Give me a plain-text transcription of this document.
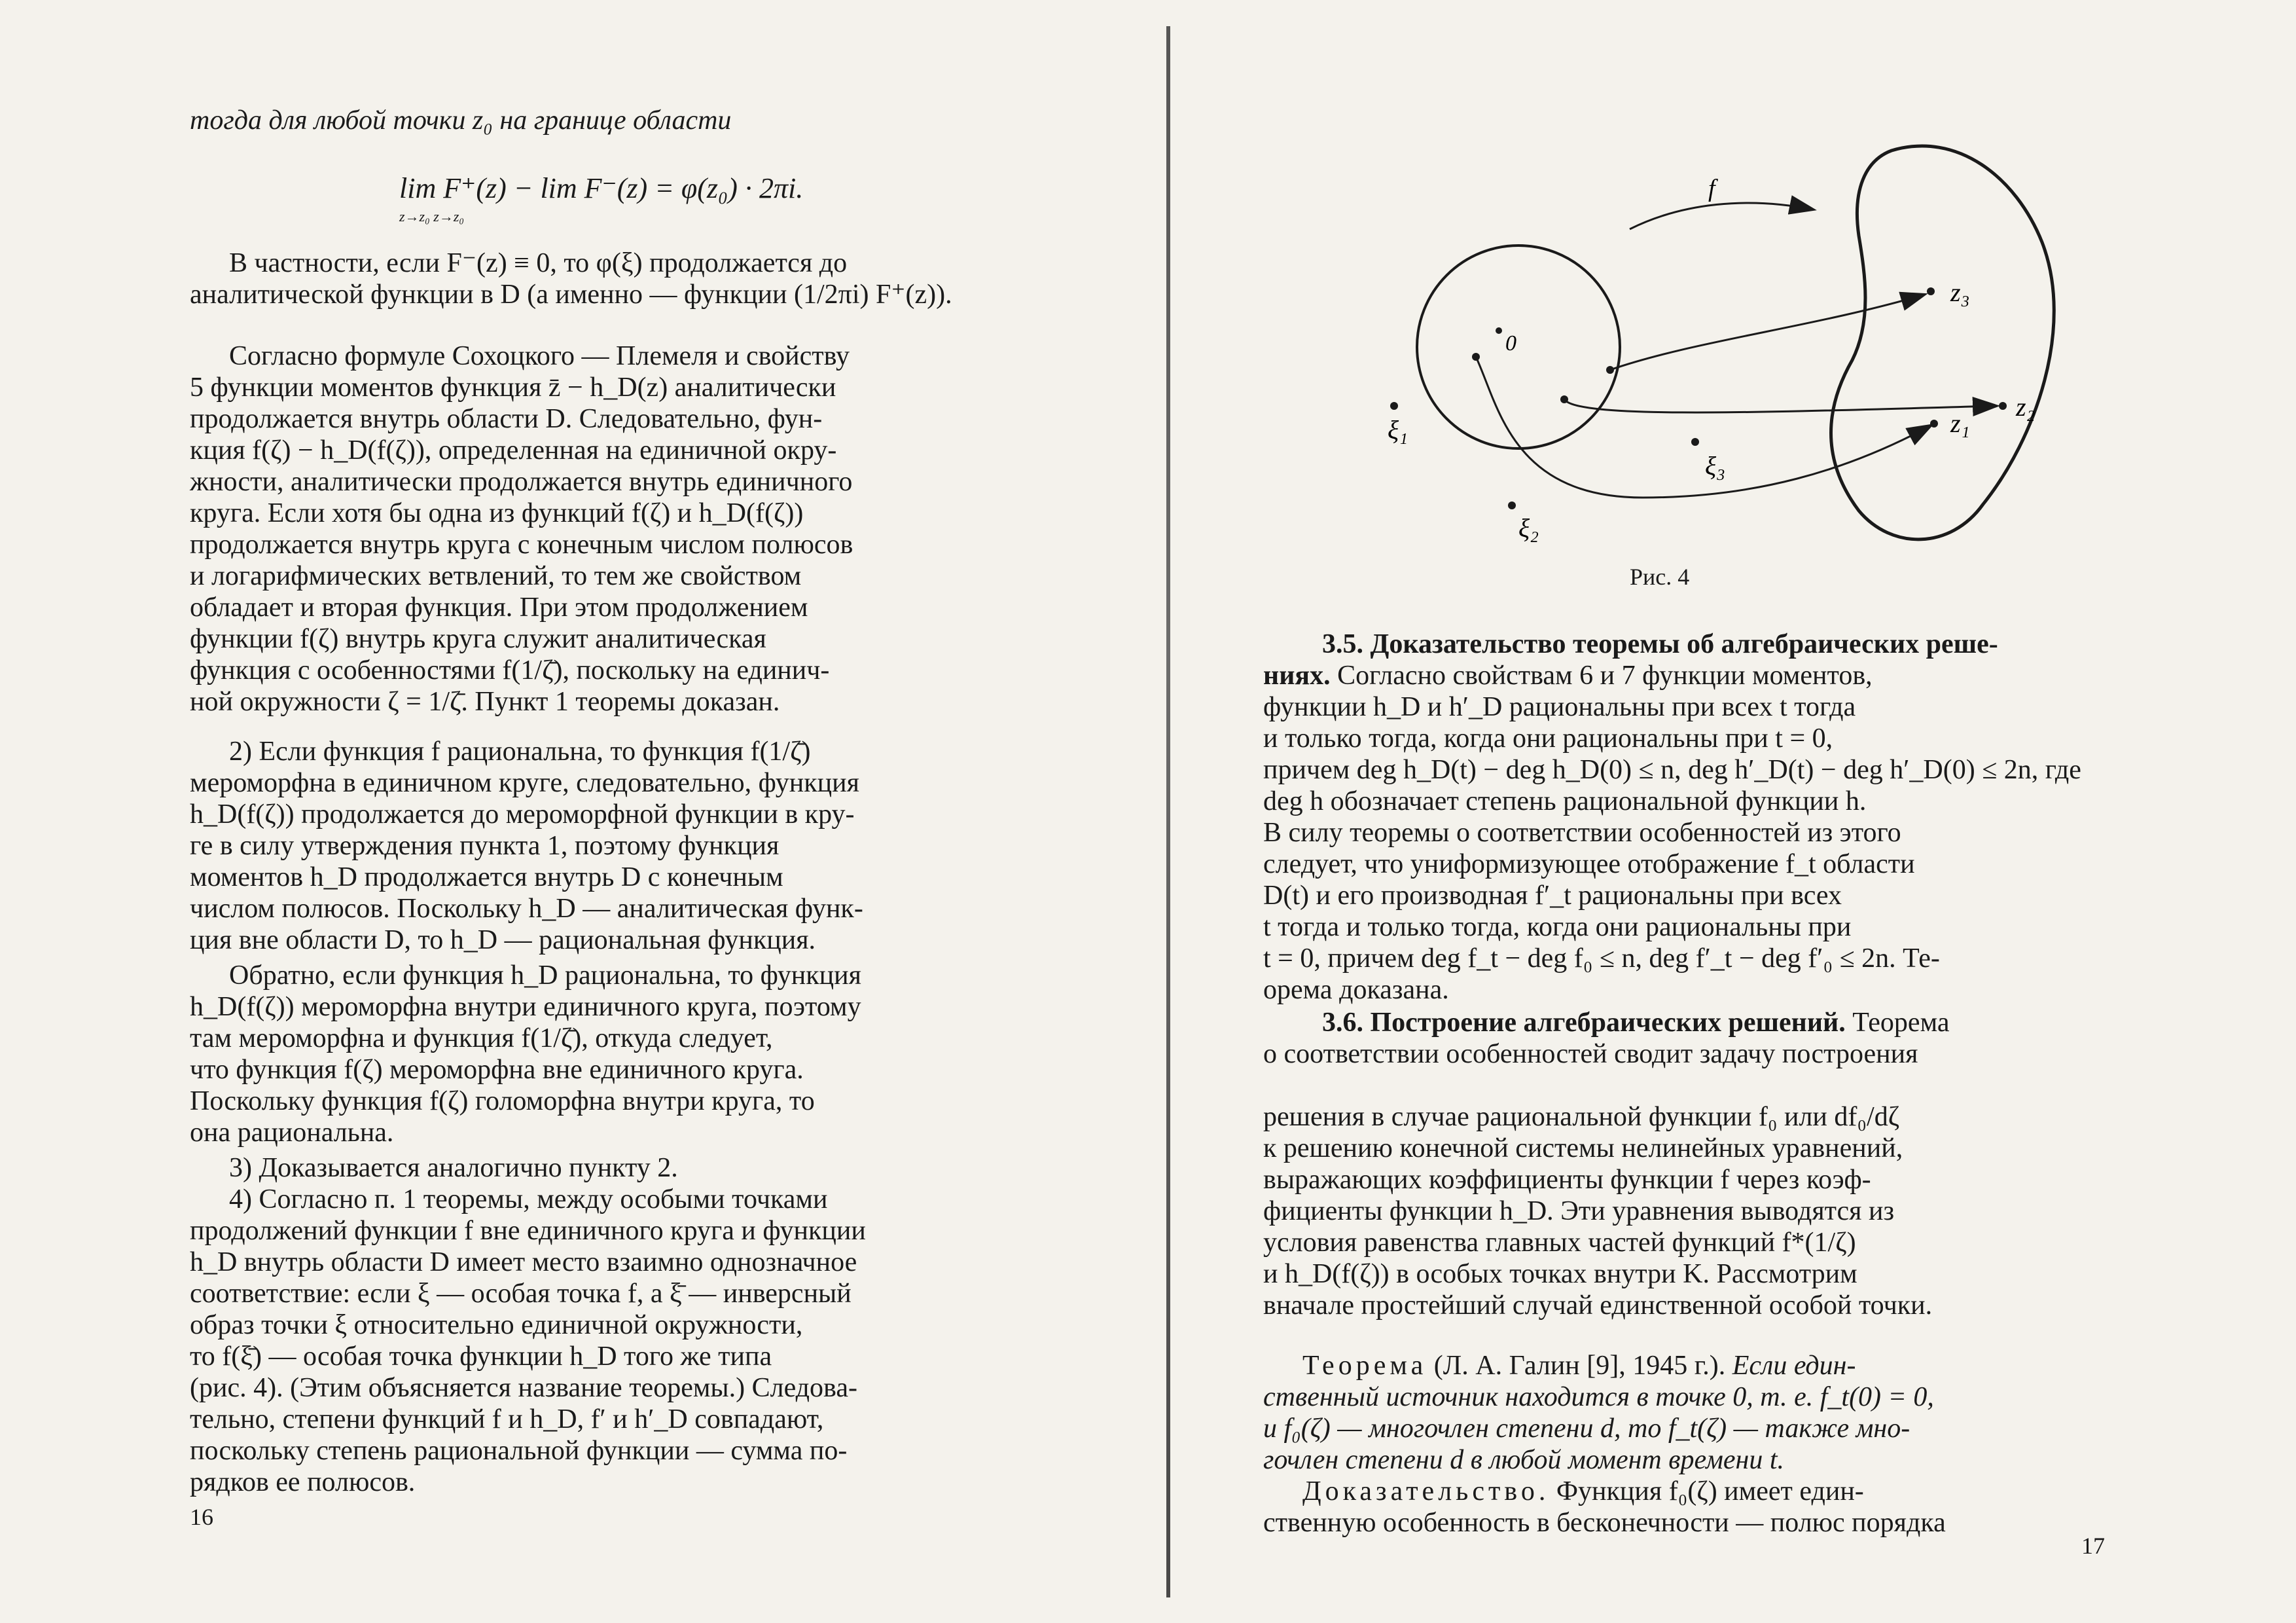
тогда для любой точки z₀ на границе области

lim F⁺(z) − lim F⁻(z) = φ(z₀) · 2πi.
z→z₀ z→z₀

В частности, если F⁻(z) ≡ 0, то φ(ξ) продолжается до
аналитической функции в D (а именно — функции (1/2πi) F⁺(z)).

Согласно формуле Сохоцкого — Племеля и свойству
5 функции моментов функция z̄ − h_D(z) аналитически
продолжается внутрь области D. Следовательно, фун-
кция f(ζ) − h_D(f(ζ)), определенная на единичной окру-
жности, аналитически продолжается внутрь единичного
круга. Если хотя бы одна из функций f(ζ) и h_D(f(ζ))
продолжается внутрь круга с конечным числом полюсов
и логарифмических ветвлений, то тем же свойством
обладает и вторая функция. При этом продолжением
функции f(ζ) внутрь круга служит аналитическая
функция с особенностями f(1/ζ̄), поскольку на единич-
ной окружности ζ = 1/ζ̄. Пункт 1 теоремы доказан.

2) Если функция f рациональна, то функция f(1/ζ̄)
мероморфна в единичном круге, следовательно, функция
h_D(f(ζ)) продолжается до мероморфной функции в кру-
ге в силу утверждения пункта 1, поэтому функция
моментов h_D продолжается внутрь D с конечным
числом полюсов. Поскольку h_D — аналитическая функ-
ция вне области D, то h_D — рациональная функция.

Обратно, если функция h_D рациональна, то функция
h_D(f(ζ)) мероморфна внутри единичного круга, поэтому
там мероморфна и функция f(1/ζ̄), откуда следует,
что функция f(ζ) мероморфна вне единичного круга.
Поскольку функция f(ζ) голоморфна внутри круга, то
она рациональна.

3) Доказывается аналогично пункту 2.

4) Согласно п. 1 теоремы, между особыми точками
продолжений функции f вне единичного круга и функции
h_D внутрь области D имеет место взаимно однозначное
соответствие: если ξ — особая точка f, а ξ̄ — инверсный
образ точки ξ относительно единичной окружности,
то f(ξ̄) — особая точка функции h_D того же типа
(рис. 4). (Этим объясняется название теоремы.) Следова-
тельно, степени функций f и h_D, f′ и h′_D совпадают,
поскольку степень рациональной функции — сумма по-
рядков ее полюсов.

16
f
0
z₃
z₂
z₁
ξ₁
ξ₂
ξ₃
Рис. 4

3.5. Доказательство теоремы об алгебраических реше-
ниях. Согласно свойствам 6 и 7 функции моментов,
функции h_D и h′_D рациональны при всех t тогда
и только тогда, когда они рациональны при t = 0,
причем deg h_D(t) − deg h_D(0) ≤ n, deg h′_D(t) − deg h′_D(0) ≤ 2n, где
deg h обозначает степень рациональной функции h.
В силу теоремы о соответствии особенностей из этого
следует, что униформизующее отображение f_t области
D(t) и его производная f′_t рациональны при всех
t тогда и только тогда, когда они рациональны при
t = 0, причем deg f_t − deg f₀ ≤ n, deg f′_t − deg f′₀ ≤ 2n. Те-
орема доказана.

3.6. Построение алгебраических решений. Теорема
о соответствии особенностей сводит задачу построения

решения в случае рациональной функции f₀ или df₀/dζ
к решению конечной системы нелинейных уравнений,
выражающих коэффициенты функции f через коэф-
фициенты функции h_D. Эти уравнения выводятся из
условия равенства главных частей функций f*(1/ζ)
и h_D(f(ζ)) в особых точках внутри K. Рассмотрим
вначале простейший случай единственной особой точки.

Теорема (Л. А. Галин [9], 1945 г.). Если един-
ственный источник находится в точке 0, т. е. f_t(0) = 0,
и f₀(ζ) — многочлен степени d, то f_t(ζ) — также мно-
гочлен степени d в любой момент времени t.

Доказательство. Функция f₀(ζ) имеет един-
ственную особенность в бесконечности — полюс порядка

17
